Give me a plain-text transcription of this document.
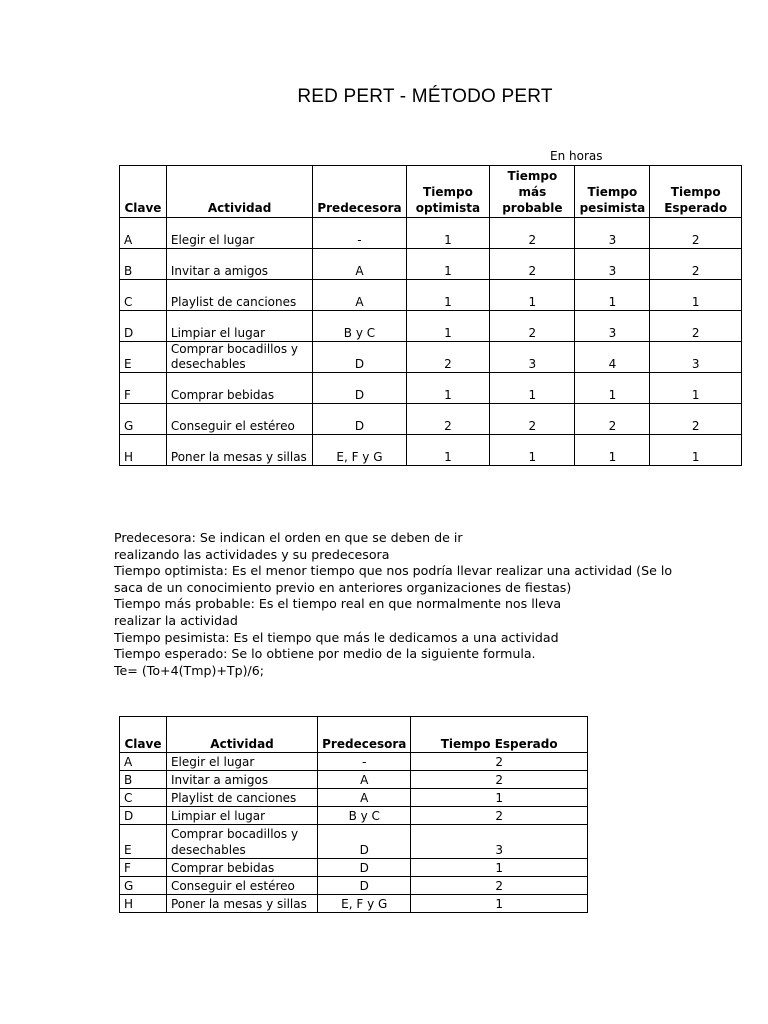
RED PERT - MÉTODO PERT
En horas
Clave	Actividad	Predecesora	Tiempo optimista	Tiempo más probable	Tiempo pesimista	Tiempo Esperado
A	Elegir el lugar	-	1	2	3	2
B	Invitar a amigos	A	1	2	3	2
C	Playlist de canciones	A	1	1	1	1
D	Limpiar el lugar	B y C	1	2	3	2
E	Comprar bocadillos y desechables	D	2	3	4	3
F	Comprar bebidas	D	1	1	1	1
G	Conseguir el estéreo	D	2	2	2	2
H	Poner la mesas y sillas	E, F y G	1	1	1	1

Predecesora: Se indican el orden en que se deben de ir realizando las actividades y su predecesora

Tiempo optimista: Es el menor tiempo que nos podría llevar realizar una actividad (Se lo saca de un conocimiento previo en anteriores organizaciones de fiestas)

Tiempo más probable: Es el tiempo real en que normalmente nos lleva realizar la actividad

Tiempo pesimista: Es el tiempo que más le dedicamos a una actividad

Tiempo esperado: Se lo obtiene por medio de la siguiente formula. Te= (To+4(Tmp)+Tp)/6;

Clave	Actividad	Predecesora	Tiempo Esperado
A	Elegir el lugar	-	2
B	Invitar a amigos	A	2
C	Playlist de canciones	A	1
D	Limpiar el lugar	B y C	2
E	Comprar bocadillos y desechables	D	3
F	Comprar bebidas	D	1
G	Conseguir el estéreo	D	2
H	Poner la mesas y sillas	E, F y G	1
